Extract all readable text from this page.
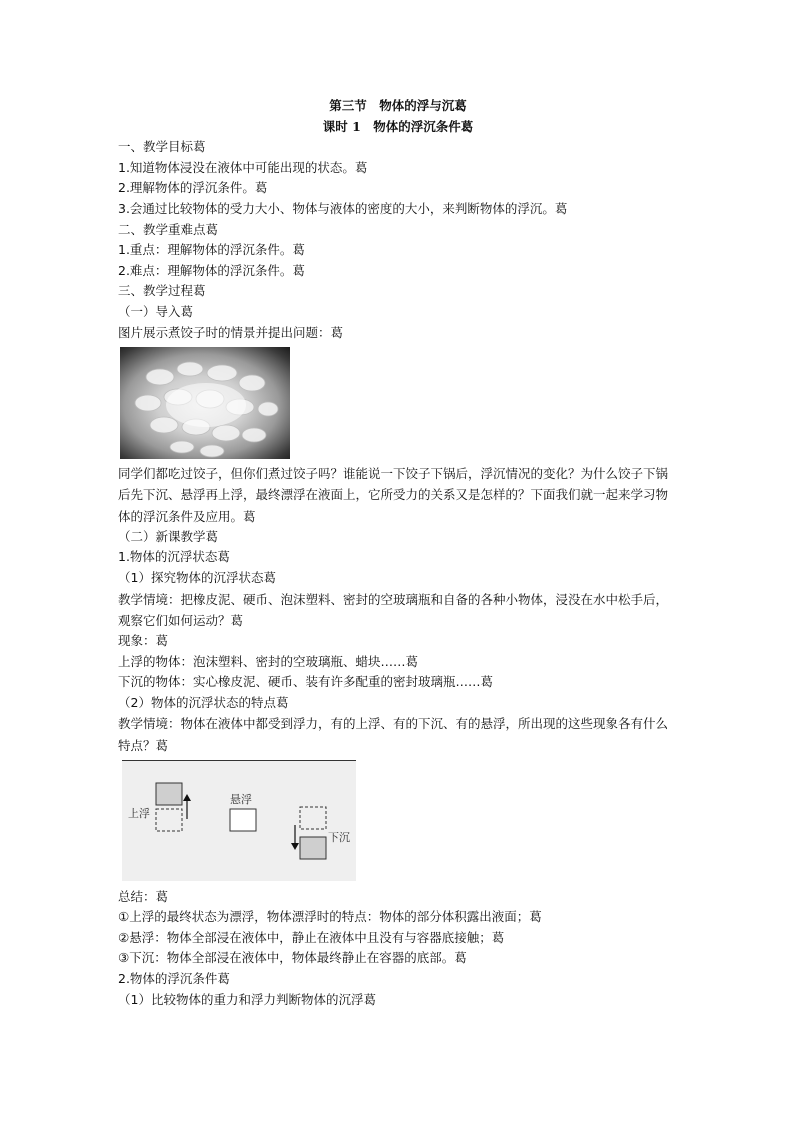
第三节　物体的浮与沉葛
课时 1　物体的浮沉条件葛
一、教学目标葛
1.知道物体浸没在液体中可能出现的状态。葛
2.理解物体的浮沉条件。葛
3.会通过比较物体的受力大小、物体与液体的密度的大小，来判断物体的浮沉。葛
二、教学重难点葛
1.重点：理解物体的浮沉条件。葛
2.难点：理解物体的浮沉条件。葛
三、教学过程葛
（一）导入葛
图片展示煮饺子时的情景并提出问题：葛
同学们都吃过饺子，但你们煮过饺子吗？谁能说一下饺子下锅后，浮沉情况的变化？为什么饺子下锅后先下沉、悬浮再上浮，最终漂浮在液面上，它所受力的关系又是怎样的？下面我们就一起来学习物体的浮沉条件及应用。葛
（二）新课教学葛
1.物体的沉浮状态葛
（1）探究物体的沉浮状态葛
教学情境：把橡皮泥、硬币、泡沫塑料、密封的空玻璃瓶和自备的各种小物体，浸没在水中松手后，观察它们如何运动？葛
现象：葛
上浮的物体：泡沫塑料、密封的空玻璃瓶、蜡块……葛
下沉的物体：实心橡皮泥、硬币、装有许多配重的密封玻璃瓶……葛
（2）物体的沉浮状态的特点葛
教学情境：物体在液体中都受到浮力，有的上浮、有的下沉、有的悬浮，所出现的这些现象各有什么特点？葛
上浮
悬浮
下沉
总结：葛
①上浮的最终状态为漂浮，物体漂浮时的特点：物体的部分体积露出液面；葛
②悬浮：物体全部浸在液体中，静止在液体中且没有与容器底接触；葛
③下沉：物体全部浸在液体中，物体最终静止在容器的底部。葛
2.物体的浮沉条件葛
（1）比较物体的重力和浮力判断物体的沉浮葛
